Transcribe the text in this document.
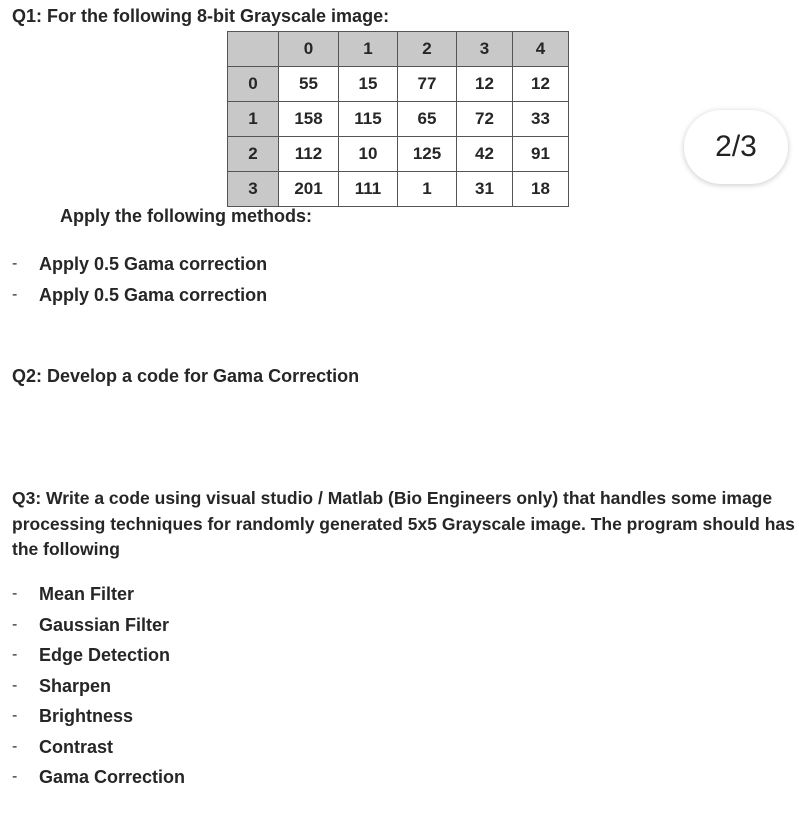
Q1: For the following 8-bit Grayscale image:
	0	1	2	3	4
0	55	15	77	12	12
1	158	115	65	72	33
2	112	10	125	42	91
3	201	111	1	31	18
Apply the following methods:
- Apply 0.5 Gama correction
- Apply 0.5 Gama correction
2/3
Q2: Develop a code for Gama Correction
Q3: Write a code using visual studio / Matlab (Bio Engineers only) that handles some image processing techniques for randomly generated 5x5 Grayscale image. The program should has the following
- Mean Filter
- Gaussian Filter
- Edge Detection
- Sharpen
- Brightness
- Contrast
- Gama Correction
